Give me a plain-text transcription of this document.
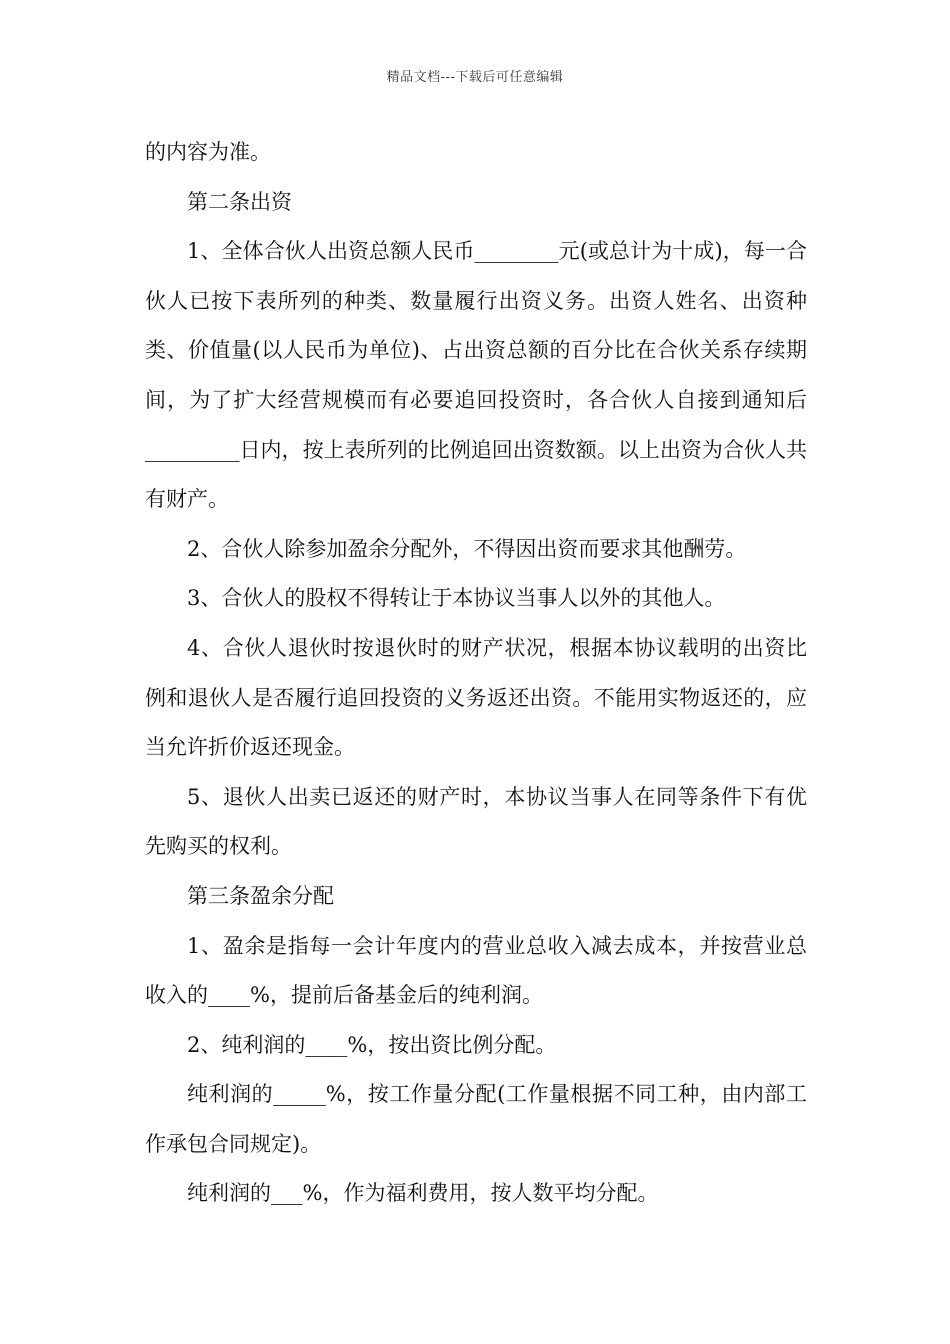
精品文档---下载后可任意编辑

的内容为准。

第二条出资

1、全体合伙人出资总额人民币________元(或总计为十成)，每一合伙人已按下表所列的种类、数量履行出资义务。出资人姓名、出资种类、价值量(以人民币为单位)、占出资总额的百分比在合伙关系存续期间，为了扩大经营规模而有必要追回投资时，各合伙人自接到通知后_________日内，按上表所列的比例追回出资数额。以上出资为合伙人共有财产。

2、合伙人除参加盈余分配外，不得因出资而要求其他酬劳。

3、合伙人的股权不得转让于本协议当事人以外的其他人。

4、合伙人退伙时按退伙时的财产状况，根据本协议载明的出资比例和退伙人是否履行追回投资的义务返还出资。不能用实物返还的，应当允许折价返还现金。

5、退伙人出卖已返还的财产时，本协议当事人在同等条件下有优先购买的权利。

第三条盈余分配

1、盈余是指每一会计年度内的营业总收入减去成本，并按营业总收入的____%，提前后备基金后的纯利润。

2、纯利润的____%，按出资比例分配。

纯利润的_____%，按工作量分配(工作量根据不同工种，由内部工作承包合同规定)。

纯利润的___%，作为福利费用，按人数平均分配。
